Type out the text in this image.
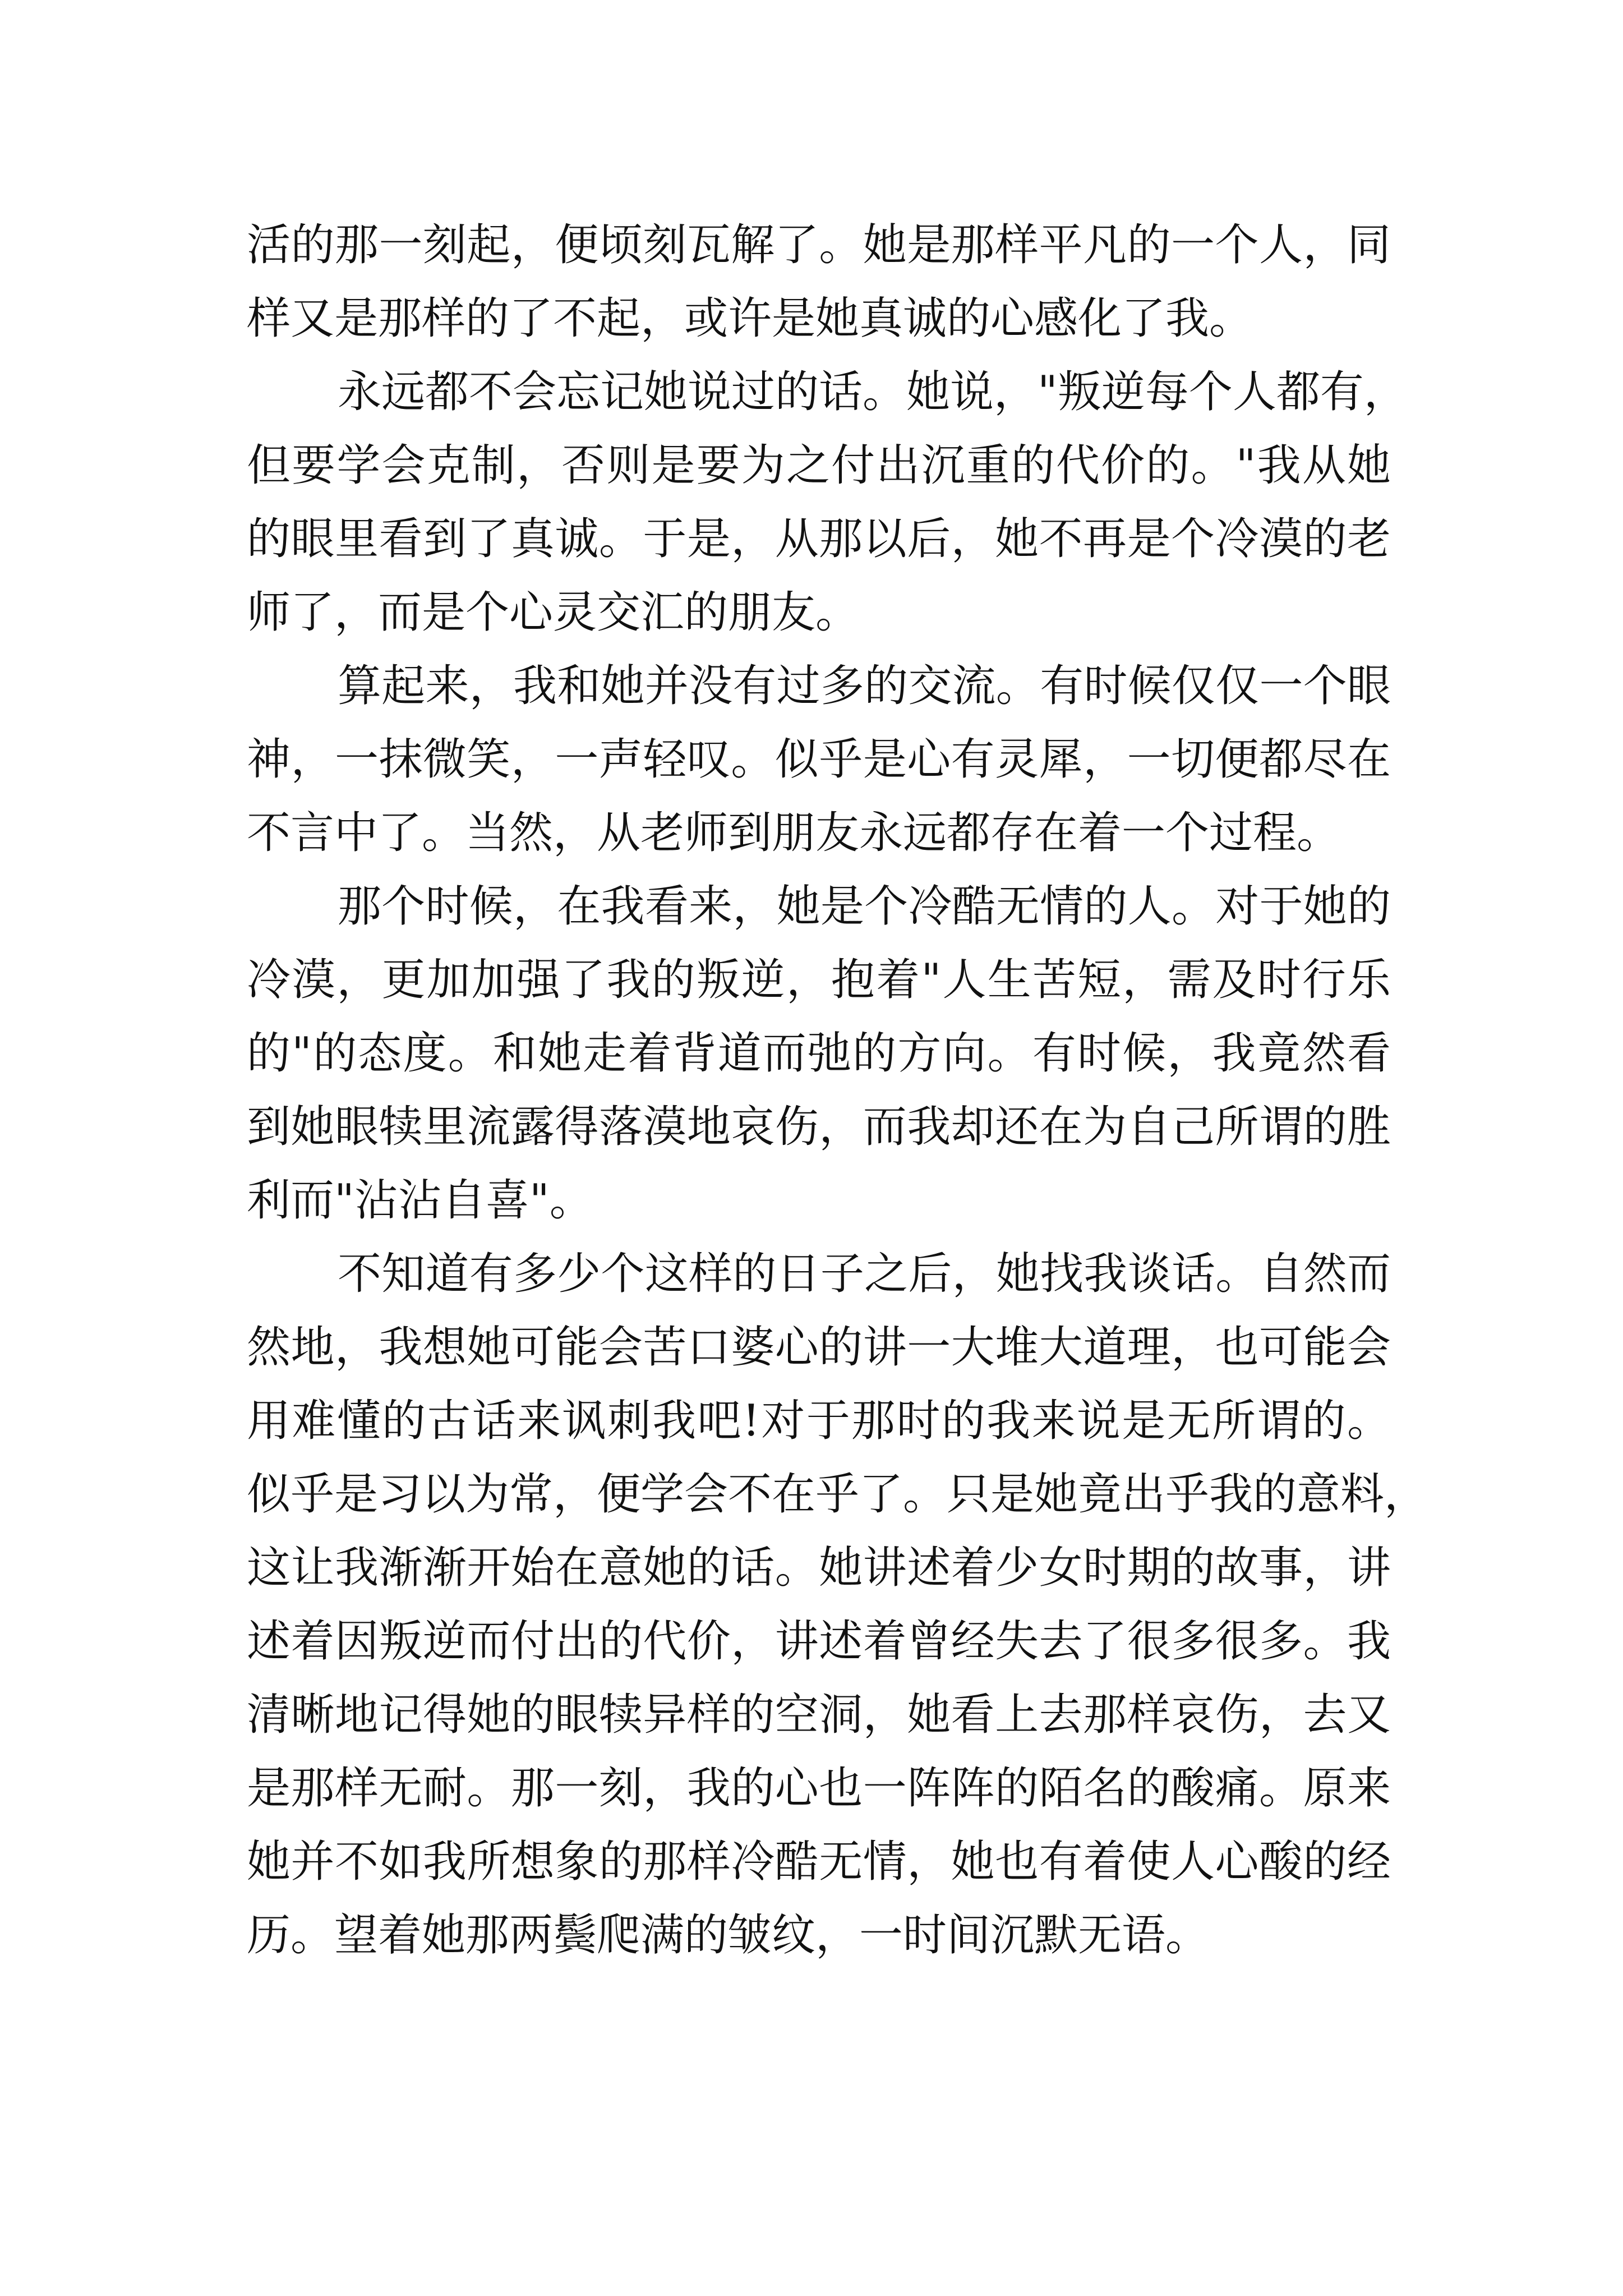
活的那一刻起，便顷刻瓦解了。她是那样平凡的一个人，同
样又是那样的了不起，或许是她真诚的心感化了我。
永远都不会忘记她说过的话。她说，"叛逆每个人都有，
但要学会克制，否则是要为之付出沉重的代价的。"我从她
的眼里看到了真诚。于是，从那以后，她不再是个冷漠的老
师了，而是个心灵交汇的朋友。
算起来，我和她并没有过多的交流。有时候仅仅一个眼
神，一抹微笑，一声轻叹。似乎是心有灵犀，一切便都尽在
不言中了。当然，从老师到朋友永远都存在着一个过程。
那个时候，在我看来，她是个冷酷无情的人。对于她的
冷漠，更加加强了我的叛逆，抱着"人生苦短，需及时行乐
的"的态度。和她走着背道而弛的方向。有时候，我竟然看
到她眼犊里流露得落漠地哀伤，而我却还在为自己所谓的胜
利而"沾沾自喜"。
不知道有多少个这样的日子之后，她找我谈话。自然而
然地，我想她可能会苦口婆心的讲一大堆大道理，也可能会
用难懂的古话来讽刺我吧!对于那时的我来说是无所谓的。
似乎是习以为常，便学会不在乎了。只是她竟出乎我的意料，
这让我渐渐开始在意她的话。她讲述着少女时期的故事，讲
述着因叛逆而付出的代价，讲述着曾经失去了很多很多。我
清晰地记得她的眼犊异样的空洞，她看上去那样哀伤，去又
是那样无耐。那一刻，我的心也一阵阵的陌名的酸痛。原来
她并不如我所想象的那样冷酷无情，她也有着使人心酸的经
历。望着她那两鬓爬满的皱纹，一时间沉默无语。
